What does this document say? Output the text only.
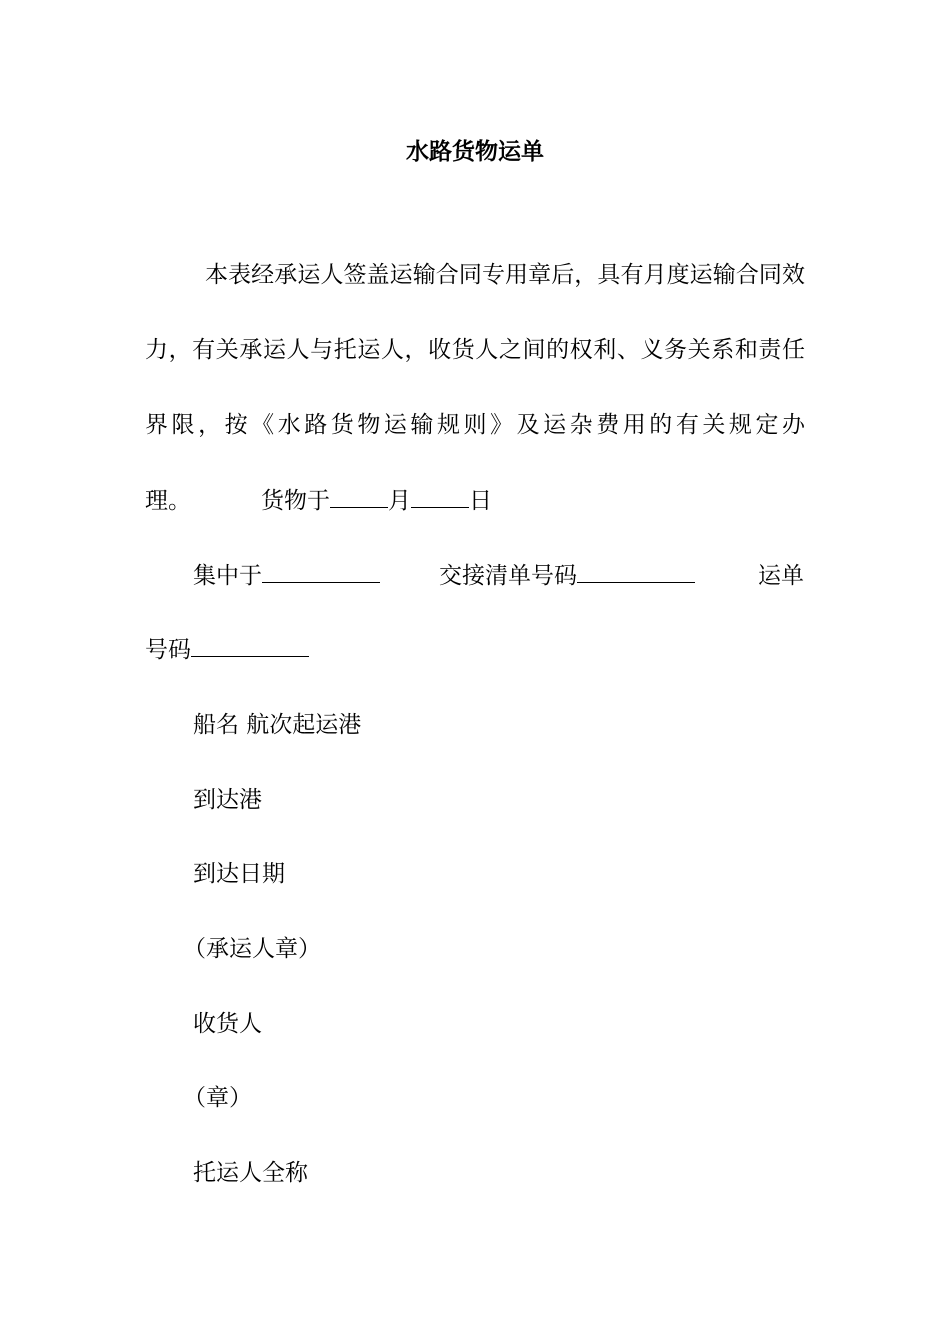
水路货物运单
本表经承运人签盖运输合同专用章后，具有月度运输合同效力，有关承运人与托运人，收货人之间的权利、义务关系和责任界限，按《水路货物运输规则》及运杂费用的有关规定办
理。	货物于	月	日
集中于	交接清单号码	运单
号码
船名 航次起运港
到达港
到达日期
（承运人章）
收货人
（章）
托运人全称
